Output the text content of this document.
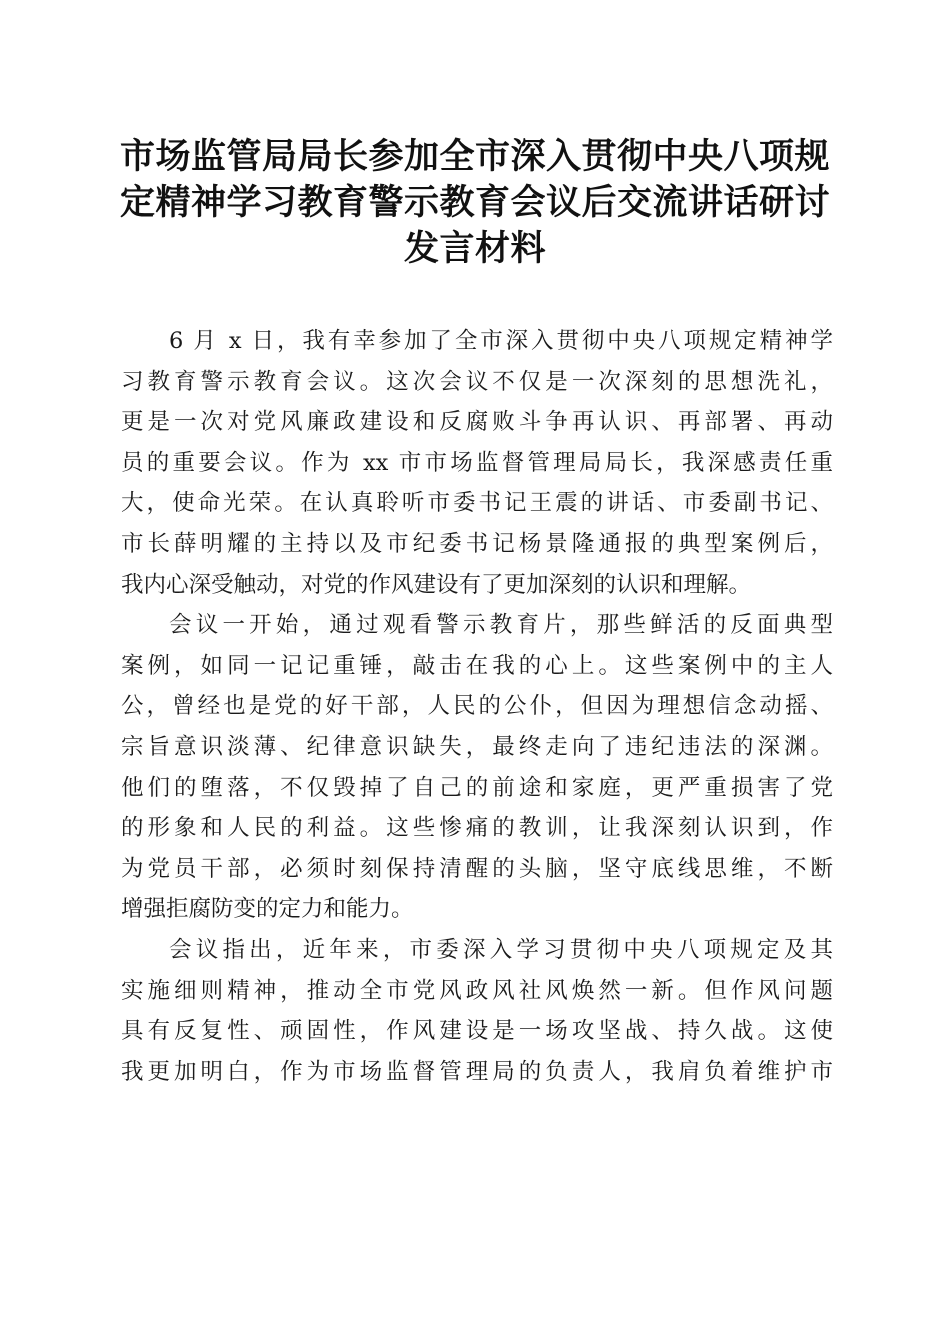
市场监管局局长参加全市深入贯彻中央八项规
定精神学习教育警示教育会议后交流讲话研讨
发言材料

6 月 x 日，我有幸参加了全市深入贯彻中央八项规定精神学
习教育警示教育会议。这次会议不仅是一次深刻的思想洗礼，
更是一次对党风廉政建设和反腐败斗争再认识、再部署、再动
员的重要会议。作为 xx 市市场监督管理局局长，我深感责任重
大，使命光荣。在认真聆听市委书记王震的讲话、市委副书记、
市长薛明耀的主持以及市纪委书记杨景隆通报的典型案例后，
我内心深受触动，对党的作风建设有了更加深刻的认识和理解。

会议一开始，通过观看警示教育片，那些鲜活的反面典型
案例，如同一记记重锤，敲击在我的心上。这些案例中的主人
公，曾经也是党的好干部，人民的公仆，但因为理想信念动摇、
宗旨意识淡薄、纪律意识缺失，最终走向了违纪违法的深渊。
他们的堕落，不仅毁掉了自己的前途和家庭，更严重损害了党
的形象和人民的利益。这些惨痛的教训，让我深刻认识到，作
为党员干部，必须时刻保持清醒的头脑，坚守底线思维，不断
增强拒腐防变的定力和能力。

会议指出，近年来，市委深入学习贯彻中央八项规定及其
实施细则精神，推动全市党风政风社风焕然一新。但作风问题
具有反复性、顽固性，作风建设是一场攻坚战、持久战。这使
我更加明白，作为市场监督管理局的负责人，我肩负着维护市
